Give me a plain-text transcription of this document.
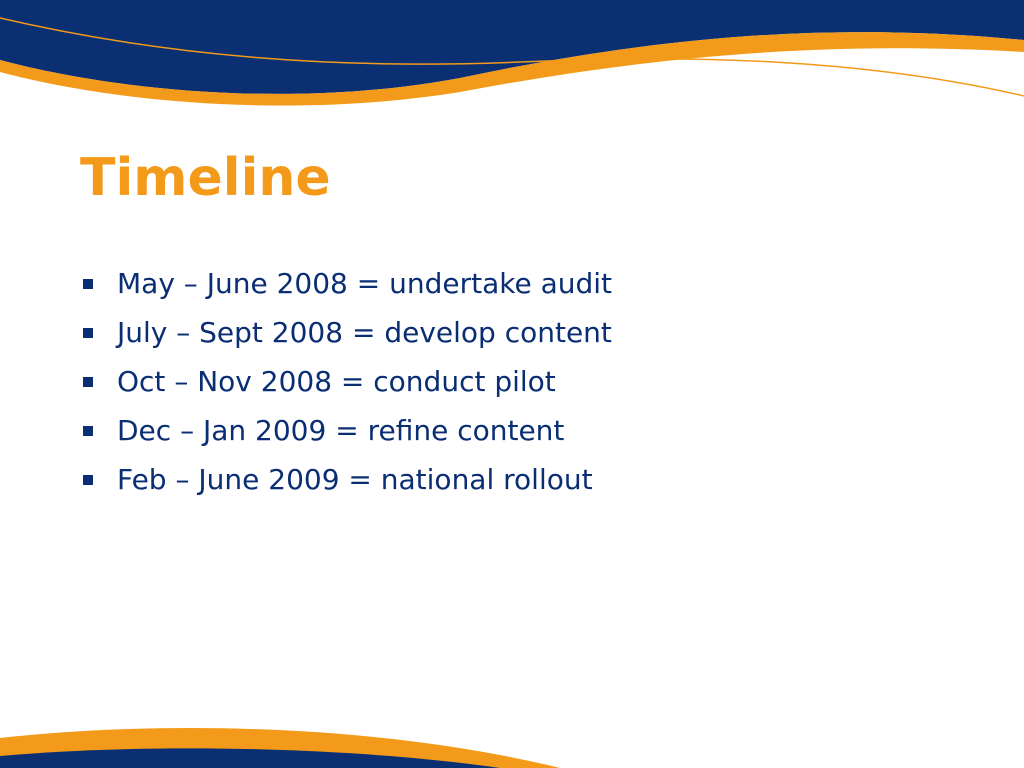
Timeline
May – June 2008 = undertake audit
July – Sept 2008 = develop content
Oct – Nov 2008 = conduct pilot
Dec – Jan 2009 = refine content
Feb – June 2009 = national rollout
